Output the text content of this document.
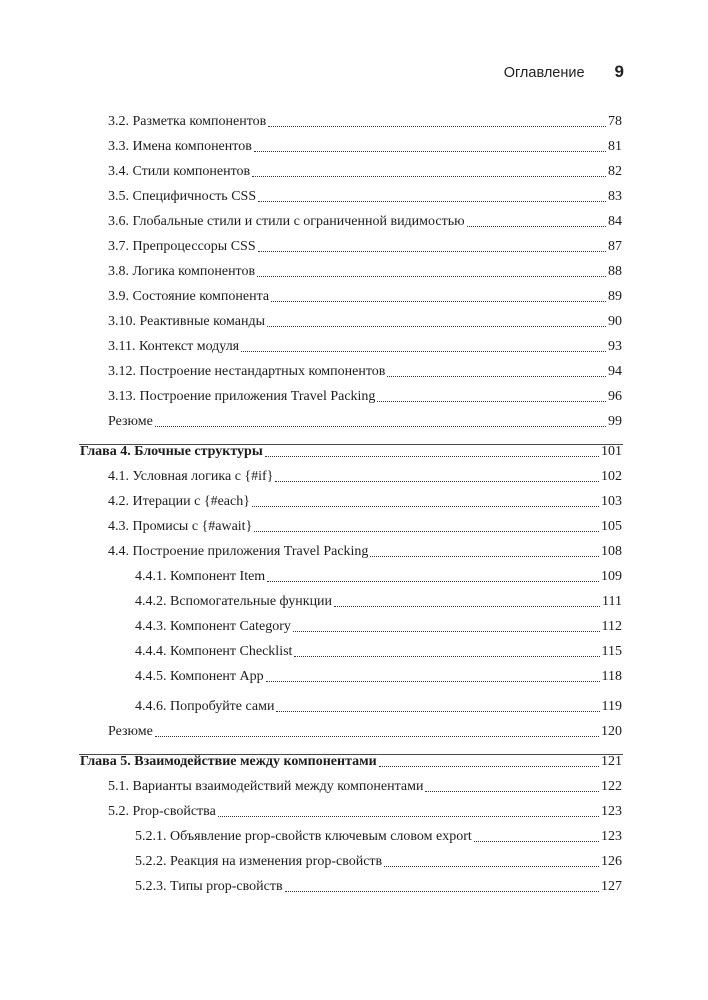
Оглавление 9
3.2. Разметка компонентов	78
3.3. Имена компонентов	81
3.4. Стили компонентов	82
3.5. Специфичность CSS	83
3.6. Глобальные стили и стили с ограниченной видимостью	84
3.7. Препроцессоры CSS	87
3.8. Логика компонентов	88
3.9. Состояние компонента	89
3.10. Реактивные команды	90
3.11. Контекст модуля	93
3.12. Построение нестандартных компонентов	94
3.13. Построение приложения Travel Packing	96
Резюме	99
Глава 4. Блочные структуры	101
4.1. Условная логика с {#if}	102
4.2. Итерации с {#each}	103
4.3. Промисы с {#await}	105
4.4. Построение приложения Travel Packing	108
4.4.1. Компонент Item	109
4.4.2. Вспомогательные функции	111
4.4.3. Компонент Category	112
4.4.4. Компонент Checklist	115
4.4.5. Компонент App	118
4.4.6. Попробуйте сами	119
Резюме	120
Глава 5. Взаимодействие между компонентами	121
5.1. Варианты взаимодействий между компонентами	122
5.2. Prop-свойства	123
5.2.1. Объявление prop-свойств ключевым словом export	123
5.2.2. Реакция на изменения prop-свойств	126
5.2.3. Типы prop-свойств	127
